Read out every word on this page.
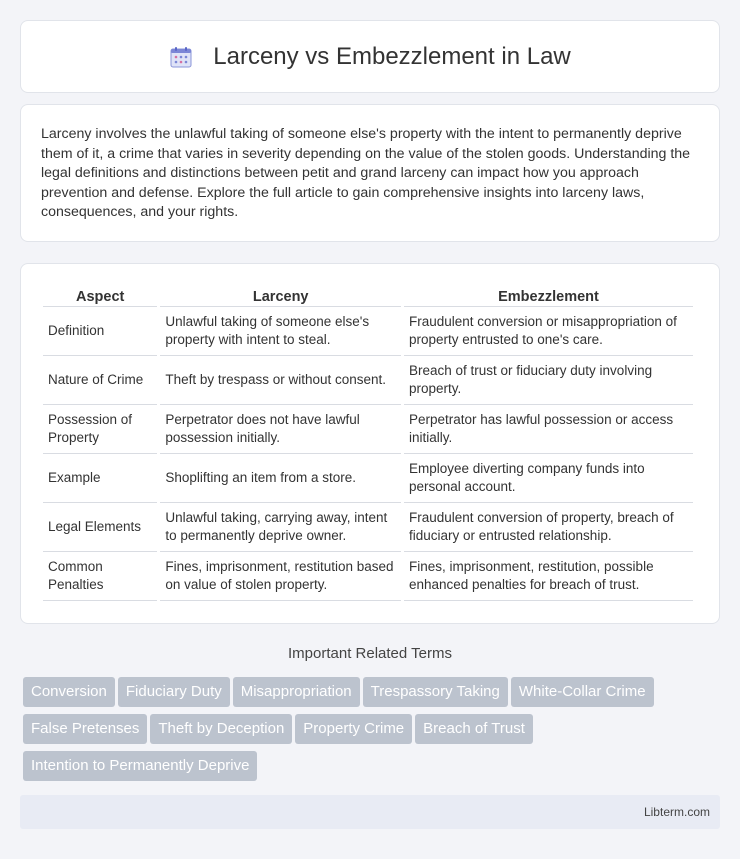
Larceny vs Embezzlement in Law

Larceny involves the unlawful taking of someone else's property with the intent to permanently deprive them of it, a crime that varies in severity depending on the value of the stolen goods. Understanding the legal definitions and distinctions between petit and grand larceny can impact how you approach prevention and defense. Explore the full article to gain comprehensive insights into larceny laws, consequences, and your rights.

Aspect	Larceny	Embezzlement
Definition	Unlawful taking of someone else's property with intent to steal.	Fraudulent conversion or misappropriation of property entrusted to one's care.
Nature of Crime	Theft by trespass or without consent.	Breach of trust or fiduciary duty involving property.
Possession of Property	Perpetrator does not have lawful possession initially.	Perpetrator has lawful possession or access initially.
Example	Shoplifting an item from a store.	Employee diverting company funds into personal account.
Legal Elements	Unlawful taking, carrying away, intent to permanently deprive owner.	Fraudulent conversion of property, breach of fiduciary or entrusted relationship.
Common Penalties	Fines, imprisonment, restitution based on value of stolen property.	Fines, imprisonment, restitution, possible enhanced penalties for breach of trust.
Important Related Terms
Conversion Fiduciary Duty Misappropriation Trespassory Taking White-Collar CrimeFalse Pretenses Theft by Deception Property Crime Breach of TrustIntention to Permanently Deprive
Libterm.com
